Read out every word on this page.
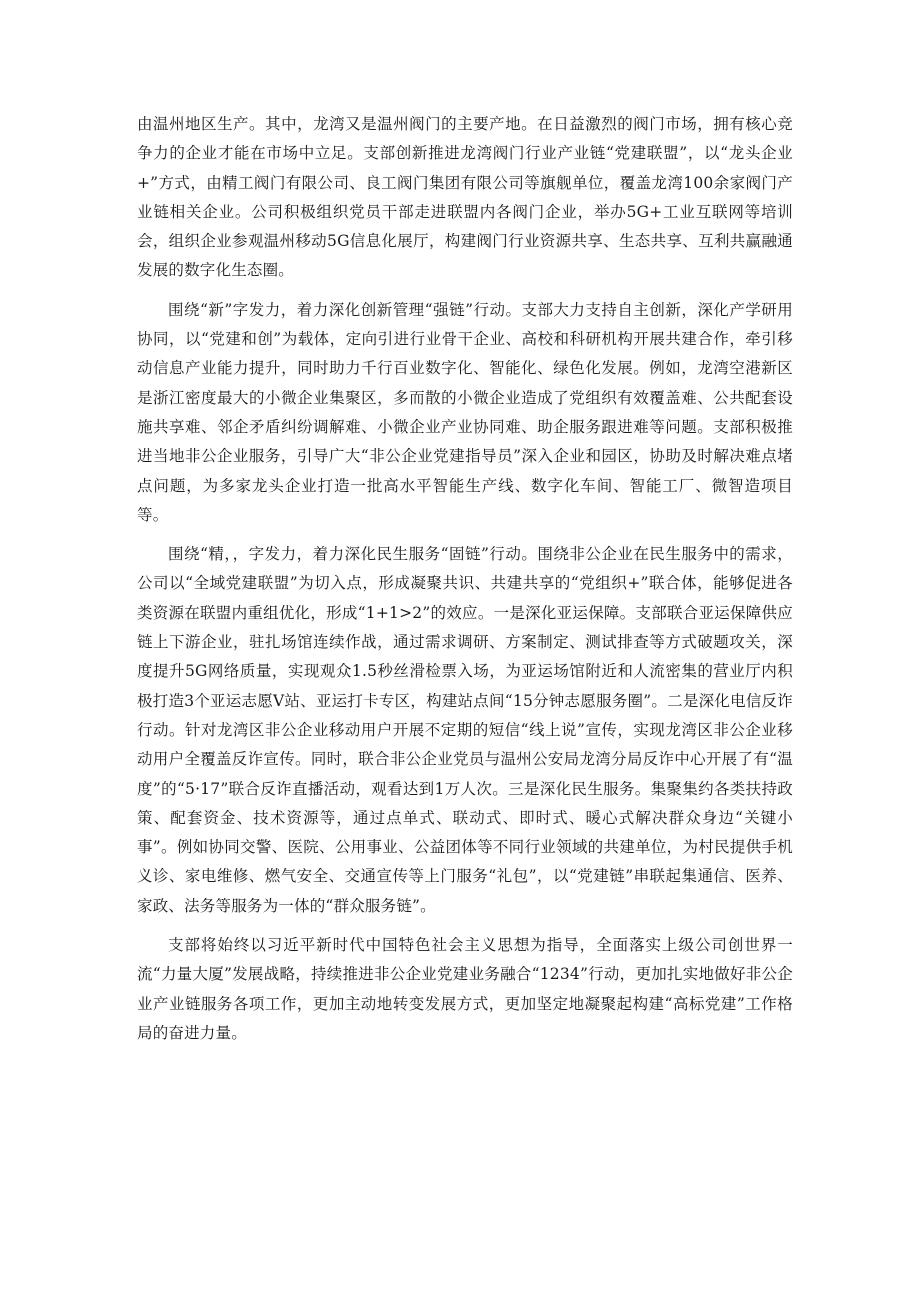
由温州地区生产。其中，龙湾又是温州阀门的主要产地。在日益激烈的阀门市场，拥有核心竞争力的企业才能在市场中立足。支部创新推进龙湾阀门行业产业链“党建联盟”，以“龙头企业+”方式，由精工阀门有限公司、良工阀门集团有限公司等旗舰单位，覆盖龙湾100余家阀门产业链相关企业。公司积极组织党员干部走进联盟内各阀门企业，举办5G+工业互联网等培训会，组织企业参观温州移动5G信息化展厅，构建阀门行业资源共享、生态共享、互利共赢融通发展的数字化生态圈。

围绕“新”字发力，着力深化创新管理“强链”行动。支部大力支持自主创新，深化产学研用协同，以“党建和创”为载体，定向引进行业骨干企业、高校和科研机构开展共建合作，牵引移动信息产业能力提升，同时助力千行百业数字化、智能化、绿色化发展。例如，龙湾空港新区是浙江密度最大的小微企业集聚区，多而散的小微企业造成了党组织有效覆盖难、公共配套设施共享难、邻企矛盾纠纷调解难、小微企业产业协同难、助企服务跟进难等问题。支部积极推进当地非公企业服务，引导广大“非公企业党建指导员”深入企业和园区，协助及时解决难点堵点问题，为多家龙头企业打造一批高水平智能生产线、数字化车间、智能工厂、微智造项目等。

围绕“精，，字发力，着力深化民生服务“固链”行动。围绕非公企业在民生服务中的需求，公司以“全域党建联盟”为切入点，形成凝聚共识、共建共享的“党组织+”联合体，能够促进各类资源在联盟内重组优化，形成“1+1>2”的效应。一是深化亚运保障。支部联合亚运保障供应链上下游企业，驻扎场馆连续作战，通过需求调研、方案制定、测试排查等方式破题攻关，深度提升5G网络质量，实现观众1.5秒丝滑检票入场，为亚运场馆附近和人流密集的营业厅内积极打造3个亚运志愿V站、亚运打卡专区，构建站点间“15分钟志愿服务圈”。二是深化电信反诈行动。针对龙湾区非公企业移动用户开展不定期的短信“线上说”宣传，实现龙湾区非公企业移动用户全覆盖反诈宣传。同时，联合非公企业党员与温州公安局龙湾分局反诈中心开展了有“温度”的“5·17”联合反诈直播活动，观看达到1万人次。三是深化民生服务。集聚集约各类扶持政策、配套资金、技术资源等，通过点单式、联动式、即时式、暖心式解决群众身边“关键小事”。例如协同交警、医院、公用事业、公益团体等不同行业领域的共建单位，为村民提供手机义诊、家电维修、燃气安全、交通宣传等上门服务“礼包”，以“党建链”串联起集通信、医养、家政、法务等服务为一体的“群众服务链”。

支部将始终以习近平新时代中国特色社会主义思想为指导，全面落实上级公司创世界一流“力量大厦”发展战略，持续推进非公企业党建业务融合“1234”行动，更加扎实地做好非公企业产业链服务各项工作，更加主动地转变发展方式，更加坚定地凝聚起构建“高标党建”工作格局的奋进力量。
